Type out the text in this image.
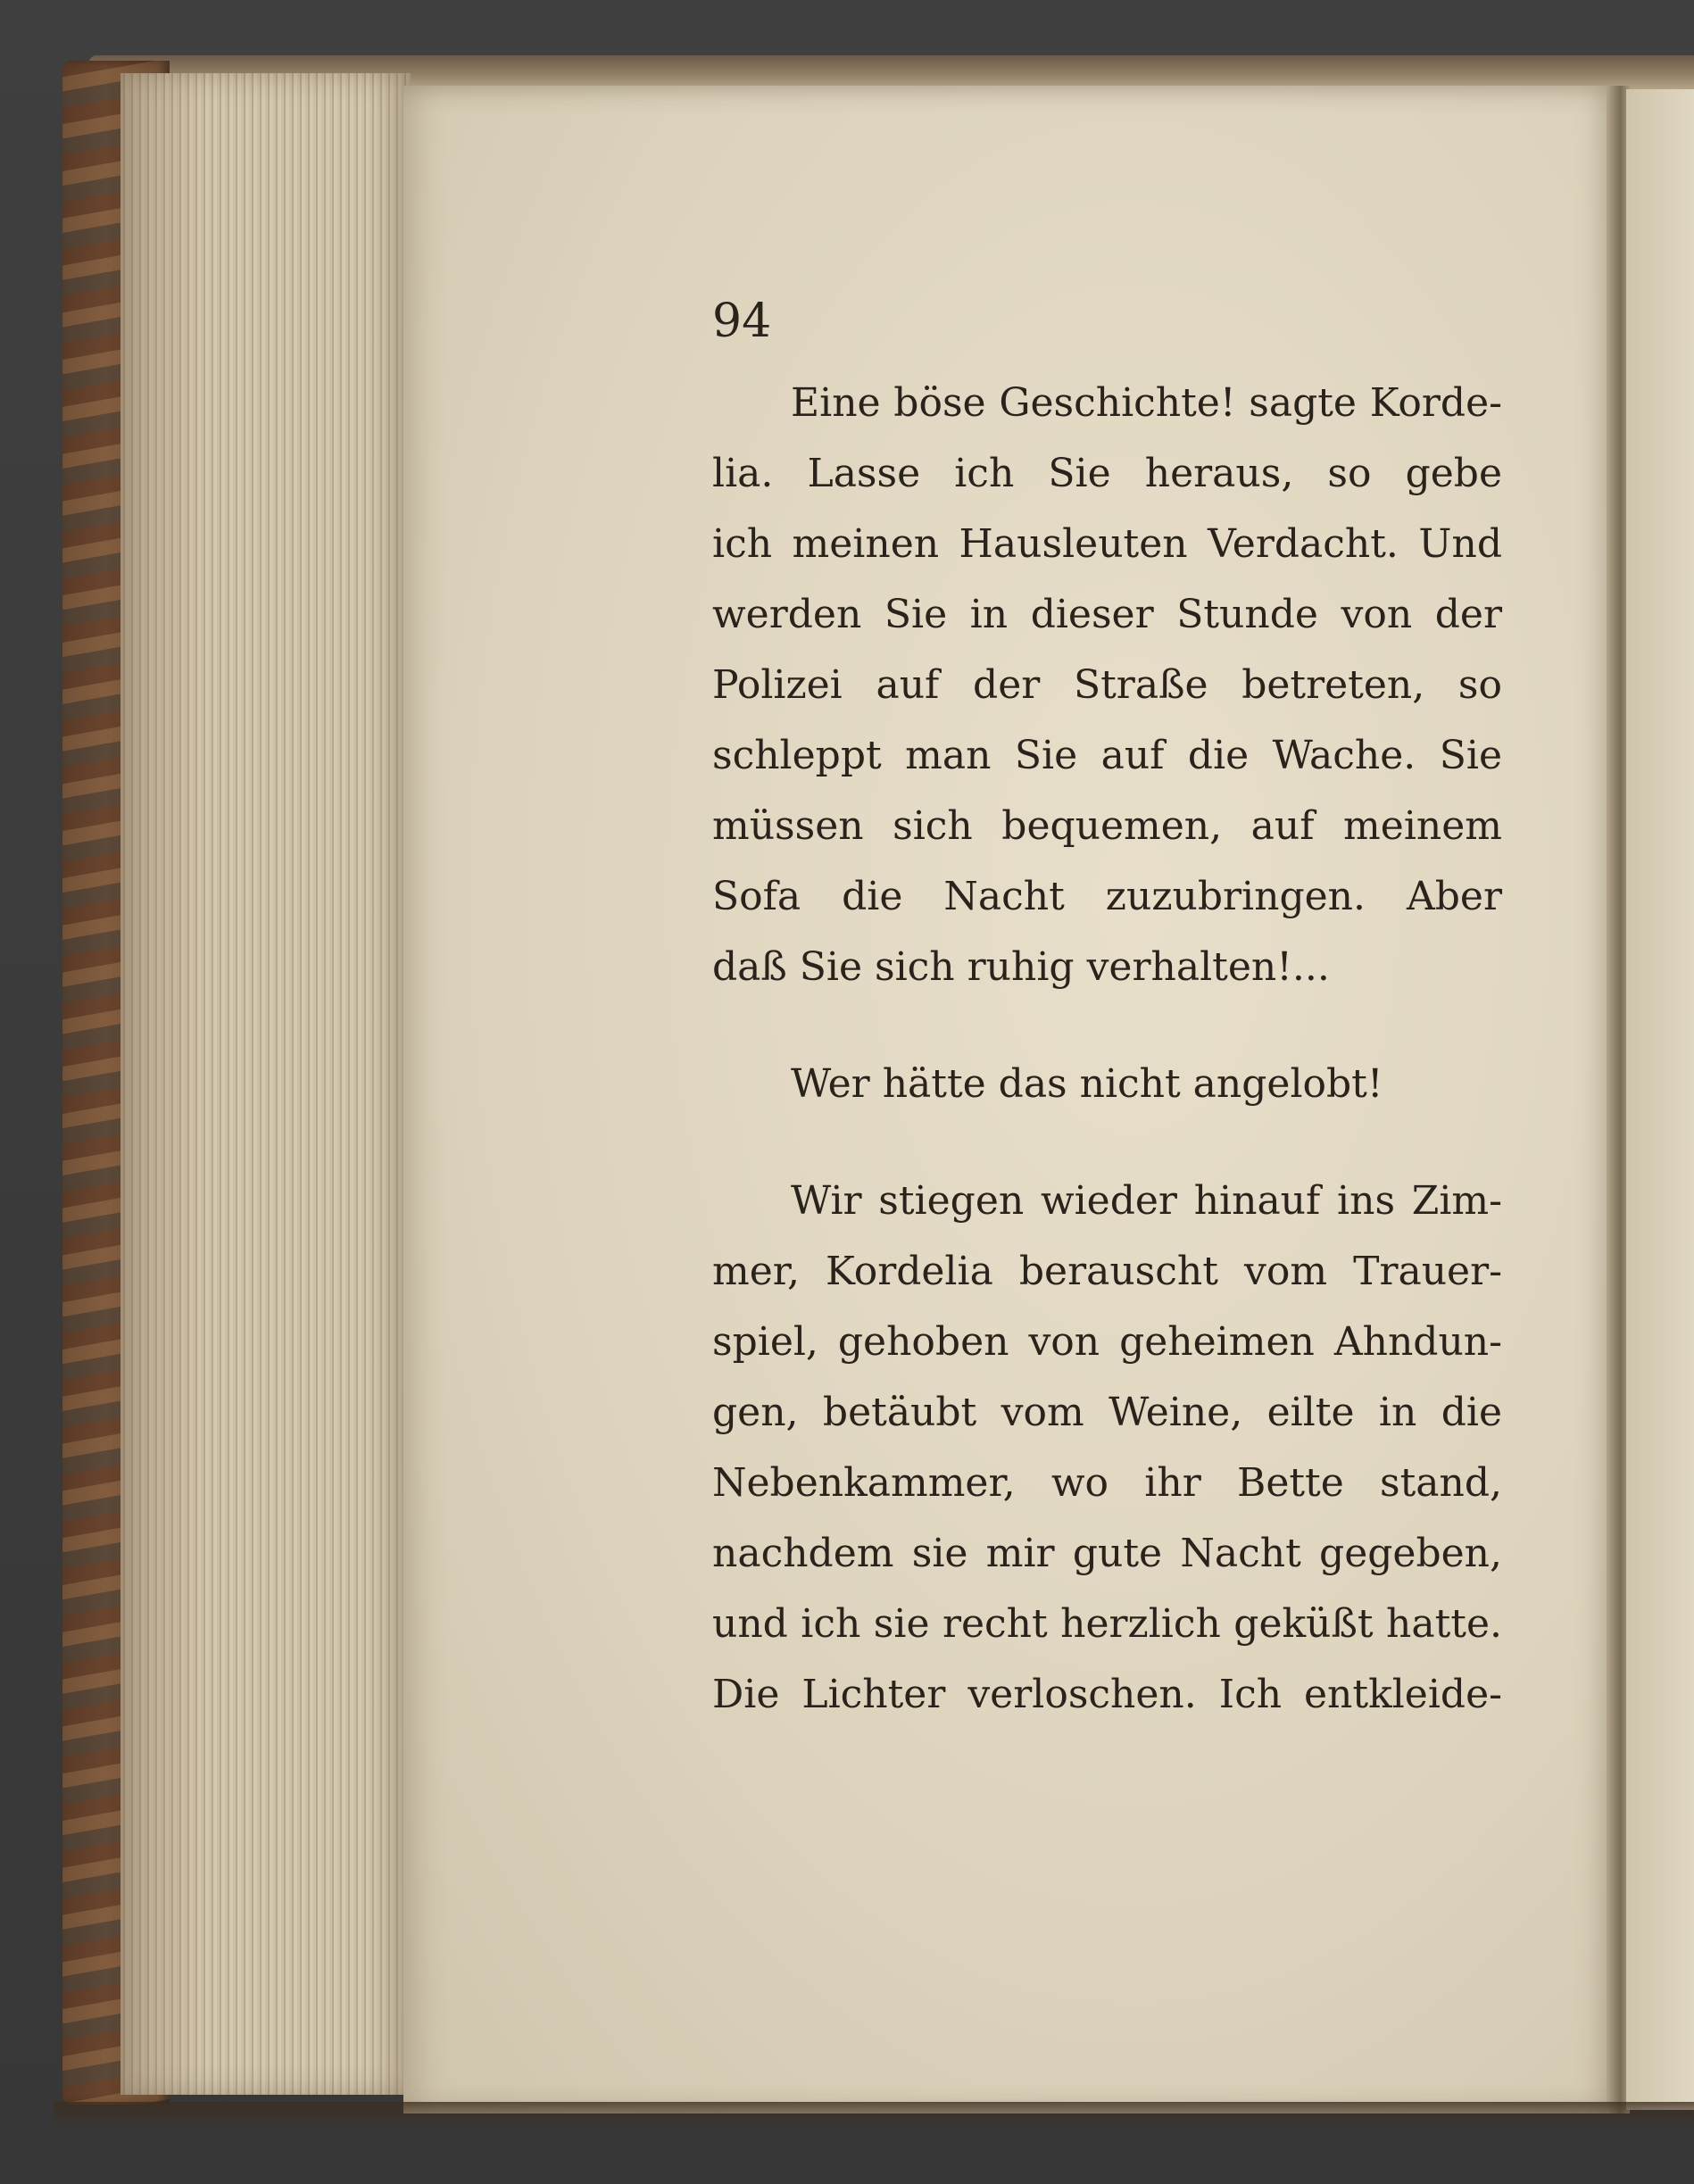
94
Eine böse Geschichte! sagte Korde-
lia. Lasse ich Sie heraus, so gebe
ich meinen Hausleuten Verdacht. Und
werden Sie in dieser Stunde von der
Polizei auf der Straße betreten, so
schleppt man Sie auf die Wache. Sie
müssen sich bequemen, auf meinem
Sofa die Nacht zuzubringen. Aber
daß Sie sich ruhig verhalten!...
Wer hätte das nicht angelobt!
Wir stiegen wieder hinauf ins Zim-
mer, Kordelia berauscht vom Trauer-
spiel, gehoben von geheimen Ahndun-
gen, betäubt vom Weine, eilte in die
Nebenkammer, wo ihr Bette stand,
nachdem sie mir gute Nacht gegeben,
und ich sie recht herzlich geküßt hatte.
Die Lichter verloschen. Ich entkleide-
